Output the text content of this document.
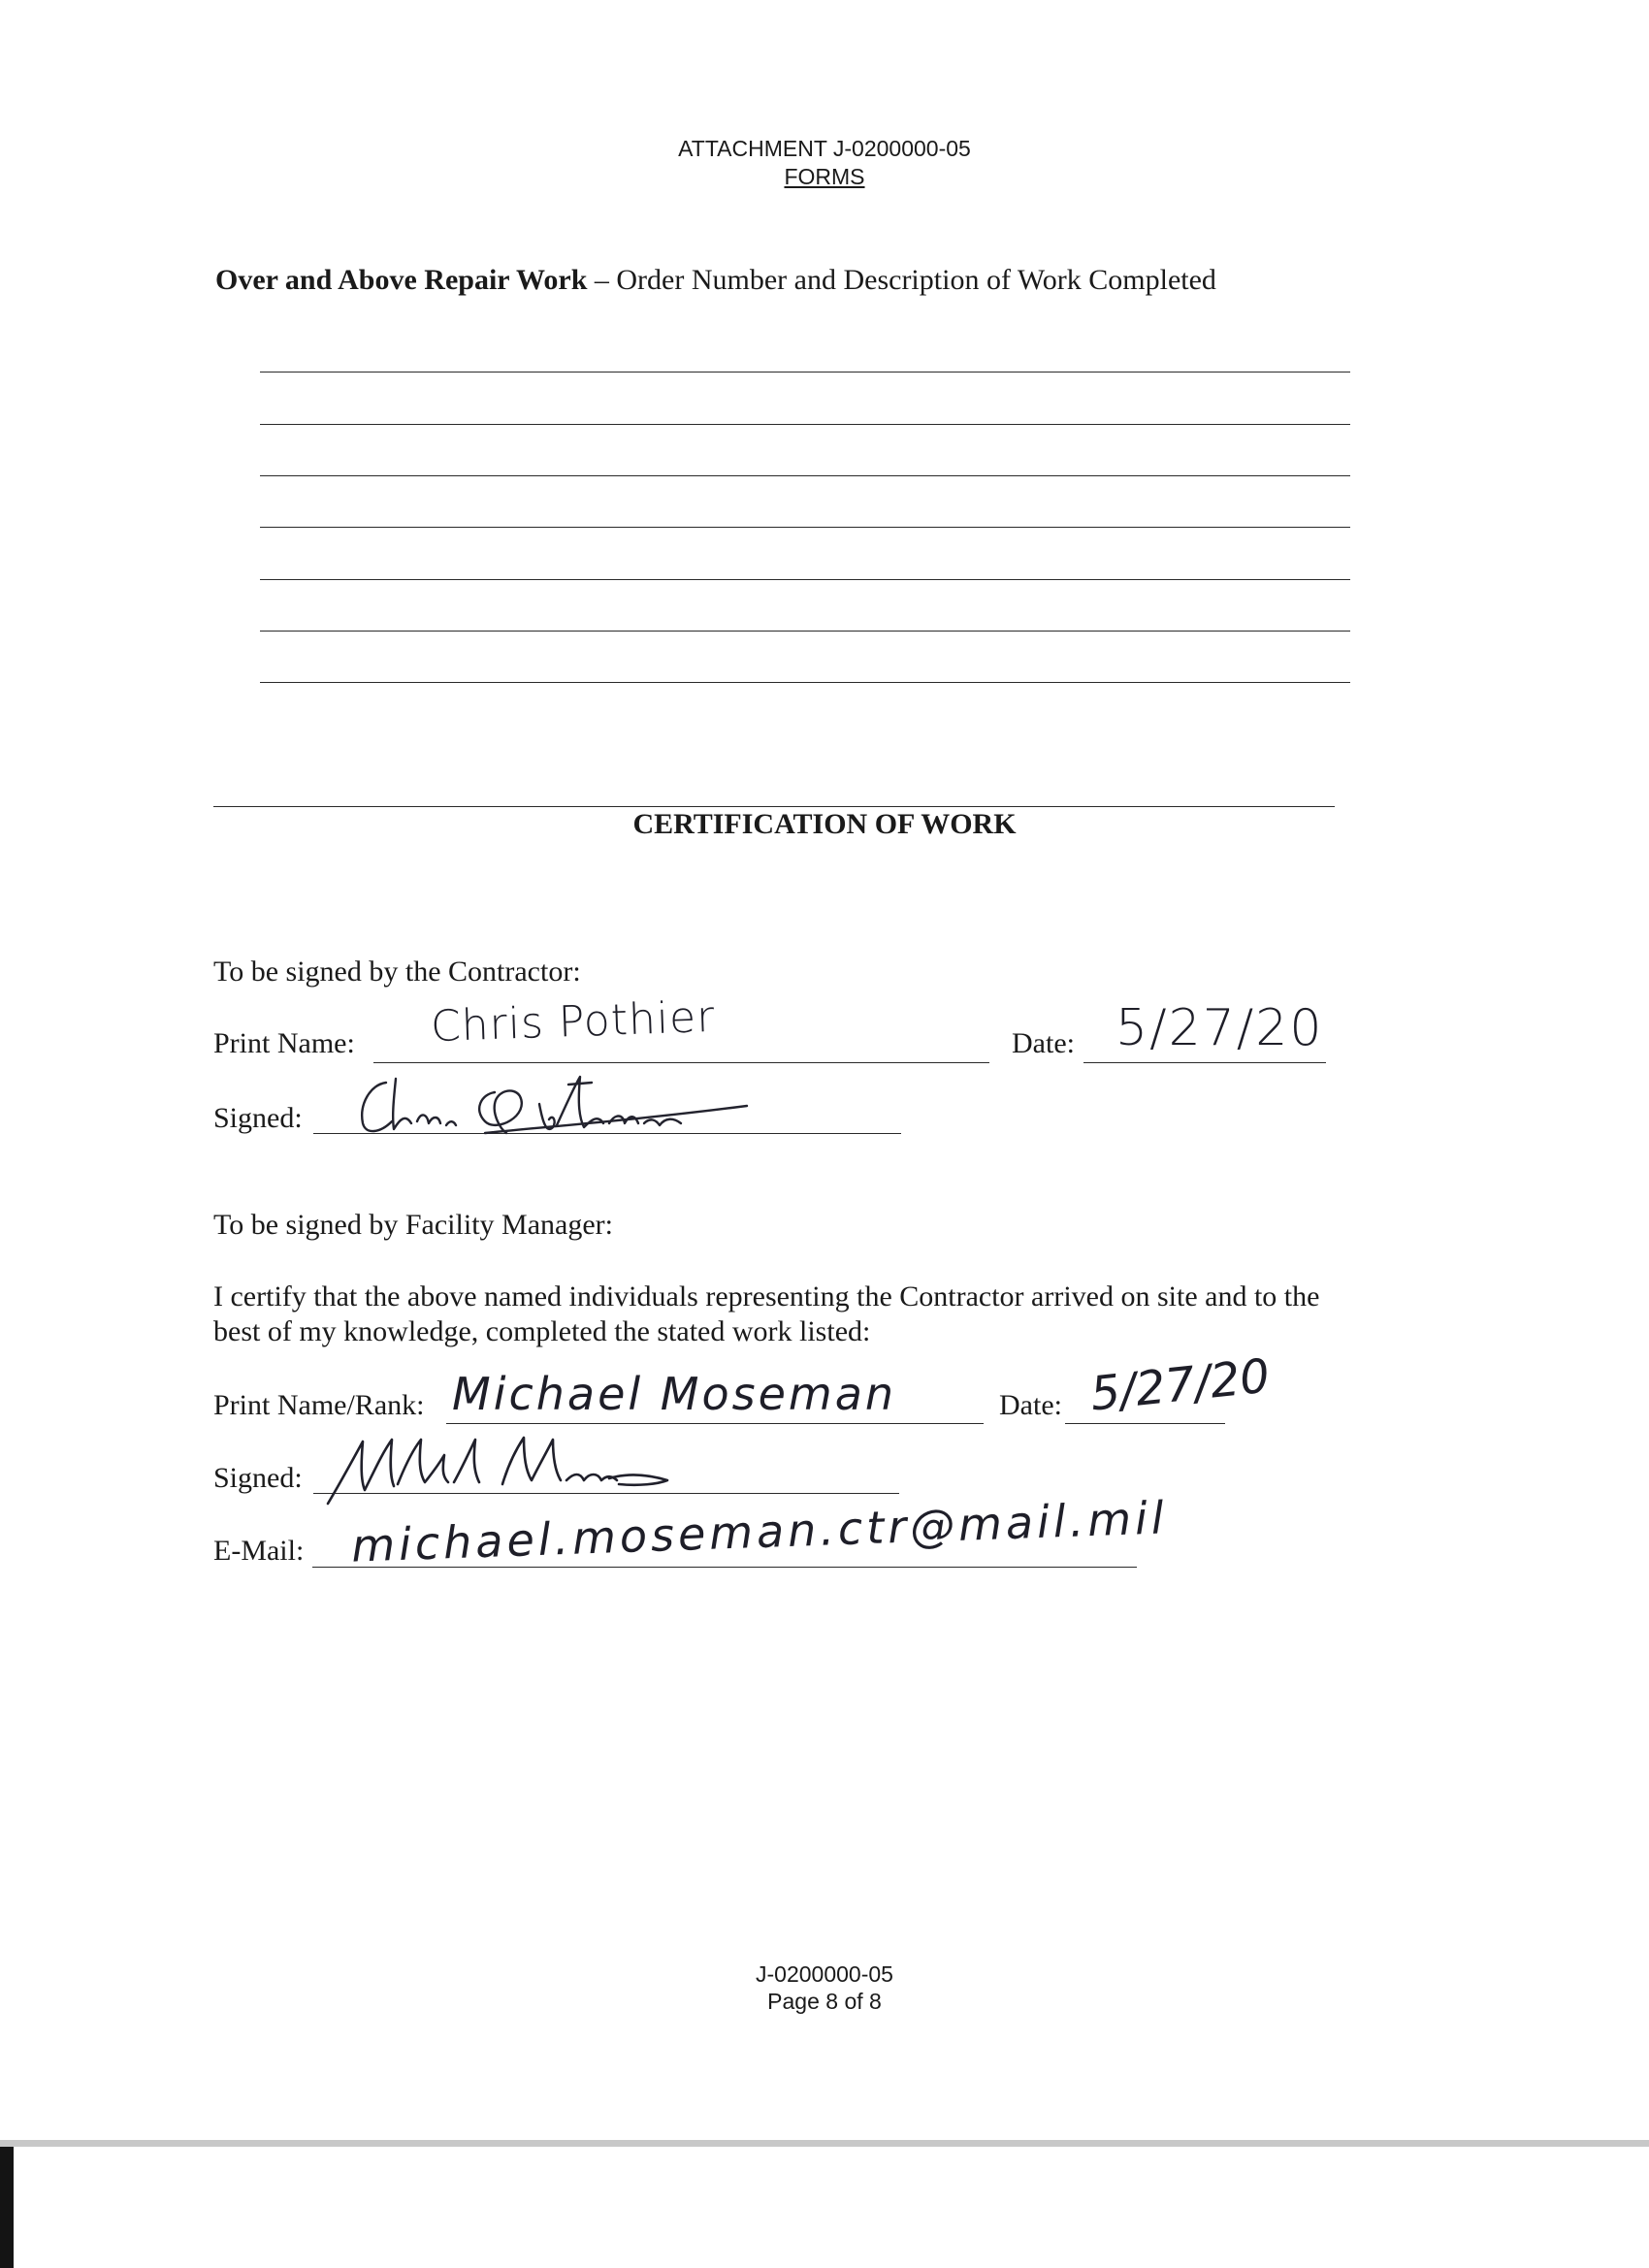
ATTACHMENT J-0200000-05
FORMS
Over and Above Repair Work – Order Number and Description of Work Completed
CERTIFICATION OF WORK
To be signed by the Contractor:
Print Name: Chris Pothier	Date: 5/27/20
Signed:
To be signed by Facility Manager:
I certify that the above named individuals representing the Contractor arrived on site and to the
best of my knowledge, completed the stated work listed:
Print Name/Rank: Michael Moseman	Date: 5/27/20
Signed:
E-Mail: michael.moseman.ctr@mail.mil
J-0200000-05
Page 8 of 8
